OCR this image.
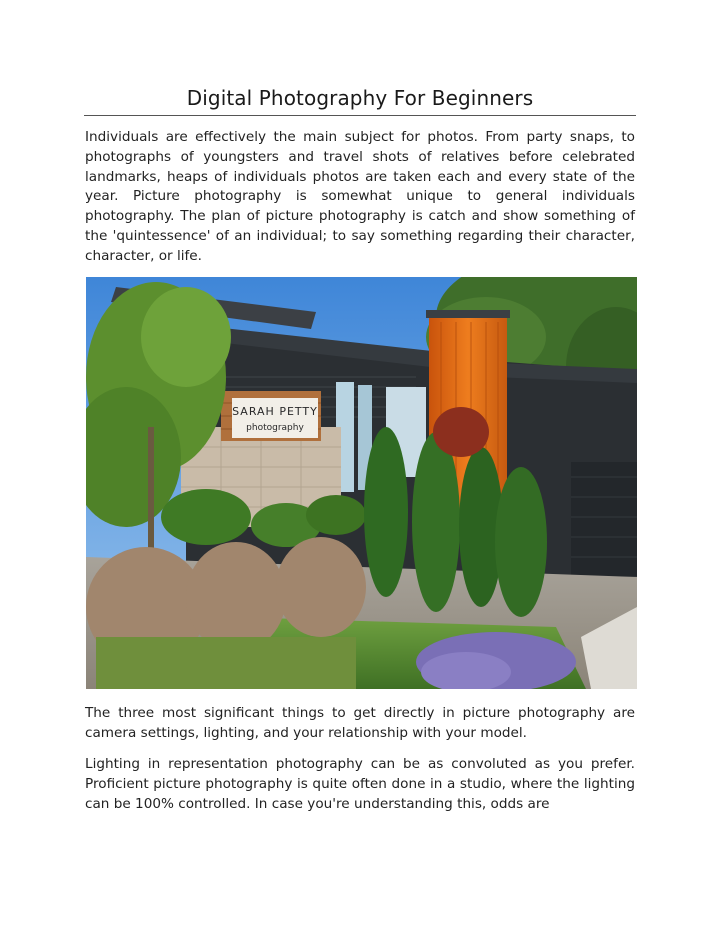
Digital Photography For Beginners

Individuals are effectively the main subject for photos. From party snaps, to photographs of youngsters and travel shots of relatives before celebrated landmarks, heaps of individuals photos are taken each and every state of the year. Picture photography is somewhat unique to general individuals photography. The plan of picture photography is catch and show something of the 'quintessence' of an individual; to say something regarding their character, character, or life.

SARAH PETTY
photography

The three most significant things to get directly in picture photography are camera settings, lighting, and your relationship with your model.

Lighting in representation photography can be as convoluted as you prefer. Proficient picture photography is quite often done in a studio, where the lighting can be 100% controlled. In case you're understanding this, odds are
